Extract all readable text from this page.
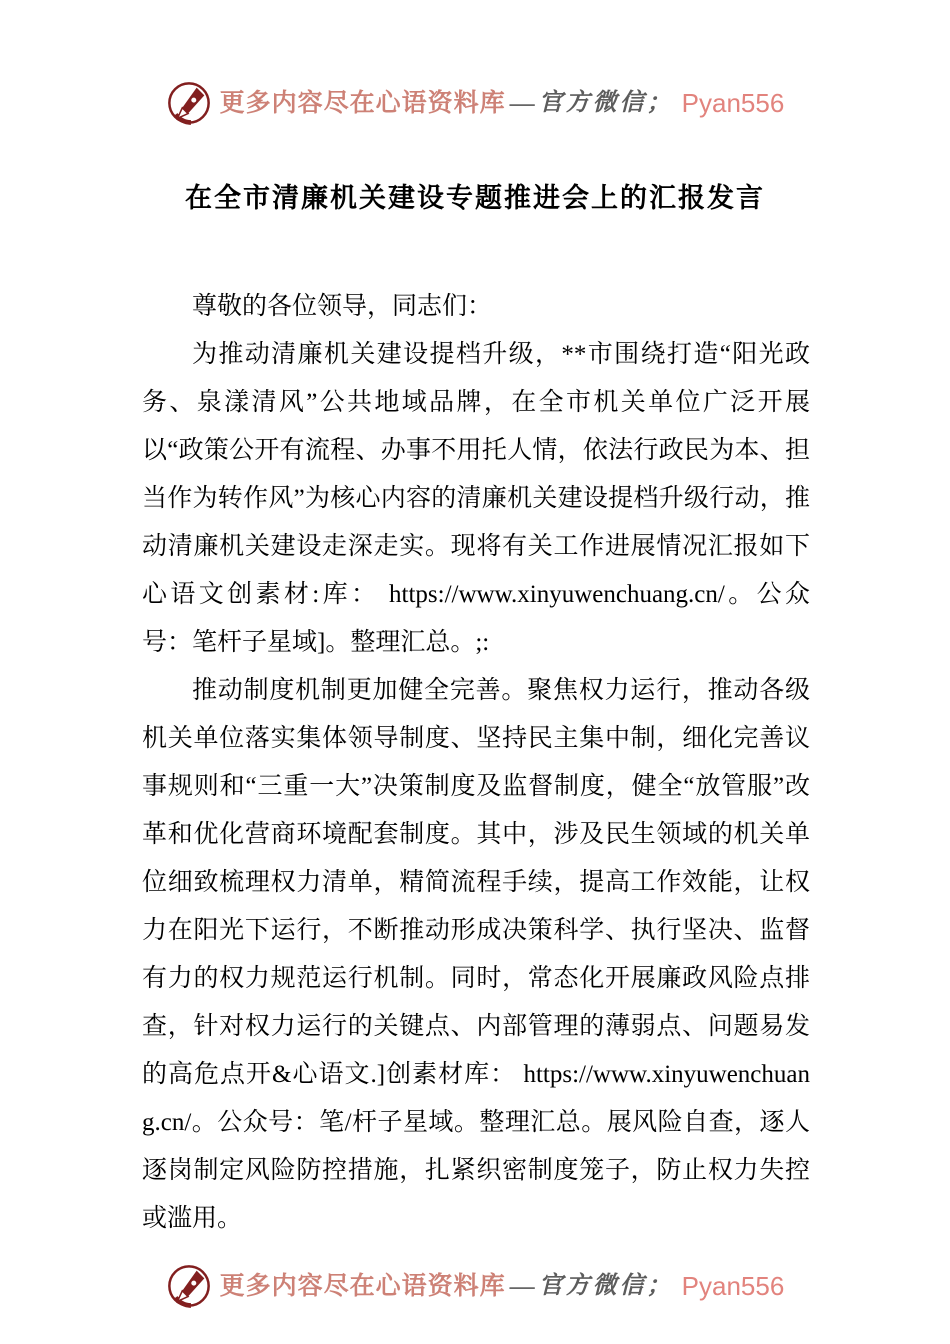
更多内容尽在心语资料库 — 官方微信； Pyan556
在全市清廉机关建设专题推进会上的汇报发言

尊敬的各位领导，同志们：

为推动清廉机关建设提档升级，**市围绕打造“阳光政务、泉漾清风”公共地域品牌，在全市机关单位广泛开展以“政策公开有流程、办事不用托人情，依法行政民为本、担当作为转作风”为核心内容的清廉机关建设提档升级行动，推动清廉机关建设走深走实。现将有关工作进展情况汇报如下心语文创素材:库： https://www.xinyuwenchuang.cn/。公众号：笔杆子星域]。整理汇总。;:

推动制度机制更加健全完善。聚焦权力运行，推动各级机关单位落实集体领导制度、坚持民主集中制，细化完善议事规则和“三重一大”决策制度及监督制度，健全“放管服”改革和优化营商环境配套制度。其中，涉及民生领域的机关单位细致梳理权力清单，精简流程手续，提高工作效能，让权力在阳光下运行，不断推动形成决策科学、执行坚决、监督有力的权力规范运行机制。同时，常态化开展廉政风险点排查，针对权力运行的关键点、内部管理的薄弱点、问题易发的高危点开&心语文.]创素材库： https://www.xinyuwenchuang.cn/。公众号：笔/杆子星域。整理汇总。展风险自查，逐人逐岗制定风险防控措施，扎紧织密制度笼子，防止权力失控或滥用。

更多内容尽在心语资料库 — 官方微信； Pyan556
